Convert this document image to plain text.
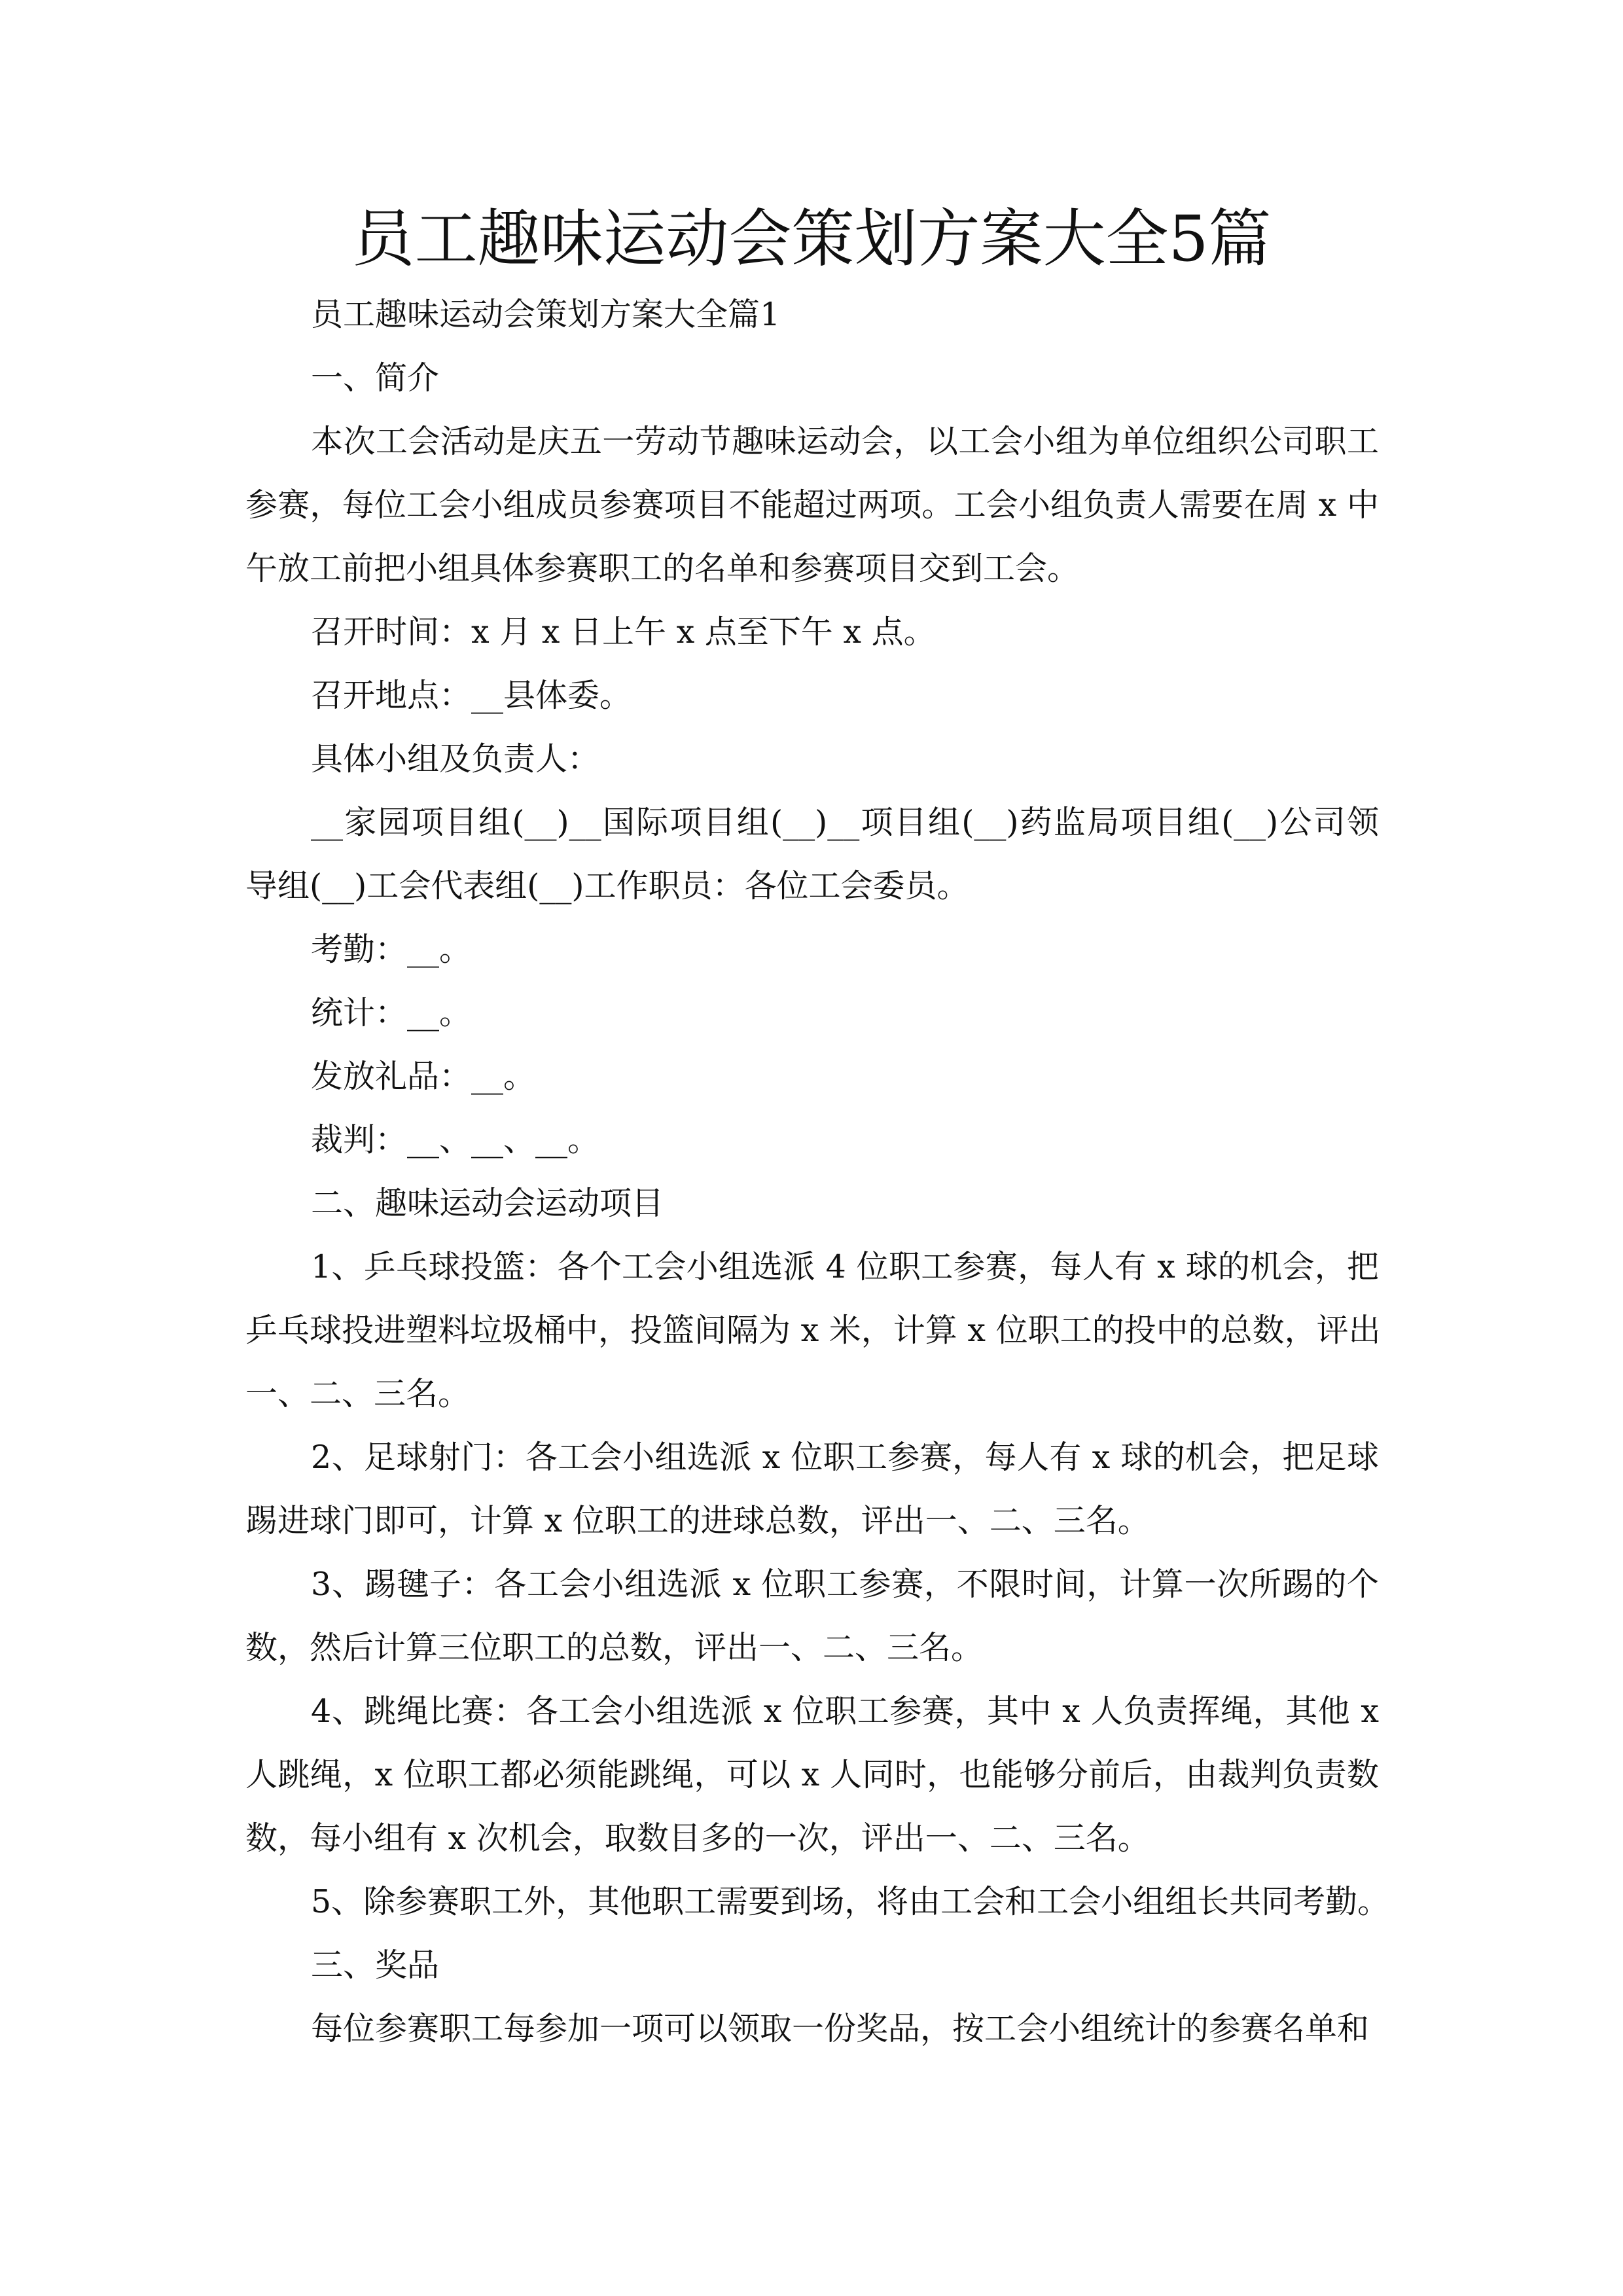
员工趣味运动会策划方案大全5篇
员工趣味运动会策划方案大全篇1
一、简介
本次工会活动是庆五一劳动节趣味运动会，以工会小组为单位组织公司职工
参赛，每位工会小组成员参赛项目不能超过两项。工会小组负责人需要在周 x 中
午放工前把小组具体参赛职工的名单和参赛项目交到工会。
召开时间：x 月 x 日上午 x 点至下午 x 点。
召开地点：__县体委。
具体小组及负责人：
__家园项目组(__)__国际项目组(__)__项目组(__)药监局项目组(__)公司领
导组(__)工会代表组(__)工作职员：各位工会委员。
考勤：__。
统计：__。
发放礼品：__。
裁判：__、__、__。
二、趣味运动会运动项目
1、乒乓球投篮：各个工会小组选派 4 位职工参赛，每人有 x 球的机会，把
乒乓球投进塑料垃圾桶中，投篮间隔为 x 米，计算 x 位职工的投中的总数，评出
一、二、三名。
2、足球射门：各工会小组选派 x 位职工参赛，每人有 x 球的机会，把足球
踢进球门即可，计算 x 位职工的进球总数，评出一、二、三名。
3、踢毽子：各工会小组选派 x 位职工参赛，不限时间，计算一次所踢的个
数，然后计算三位职工的总数，评出一、二、三名。
4、跳绳比赛：各工会小组选派 x 位职工参赛，其中 x 人负责挥绳，其他 x
人跳绳，x 位职工都必须能跳绳，可以 x 人同时，也能够分前后，由裁判负责数
数，每小组有 x 次机会，取数目多的一次，评出一、二、三名。
5、除参赛职工外，其他职工需要到场，将由工会和工会小组组长共同考勤。
三、奖品
每位参赛职工每参加一项可以领取一份奖品，按工会小组统计的参赛名单和
